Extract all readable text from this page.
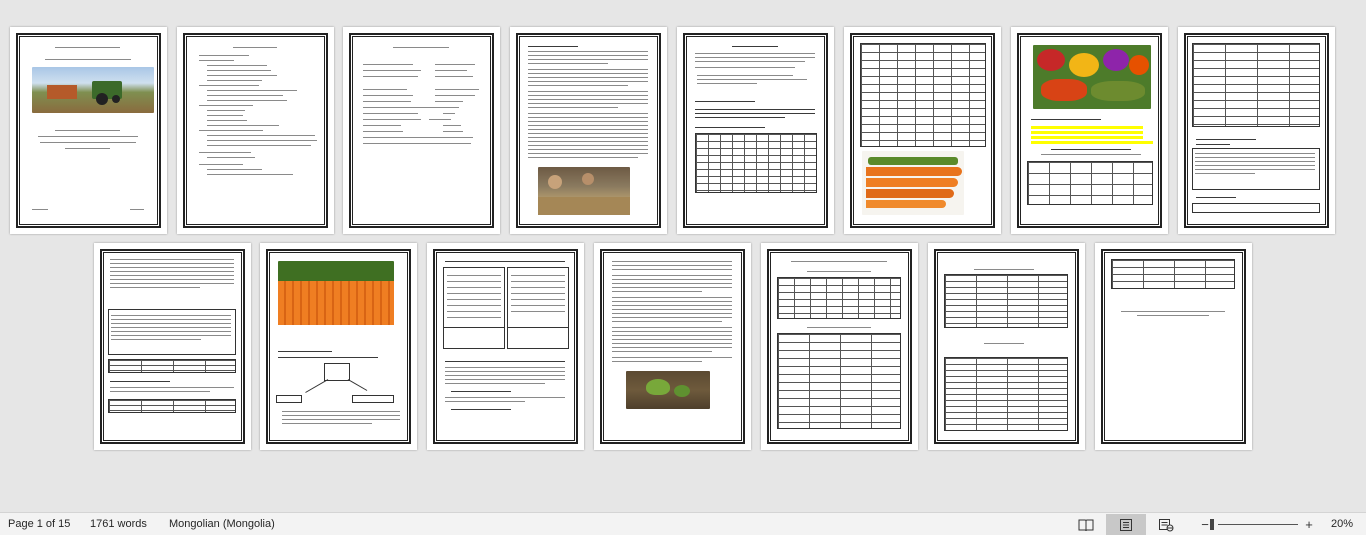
Page 1 of 15 1761 words Mongolian (Mongolia)	−	+ 20%
